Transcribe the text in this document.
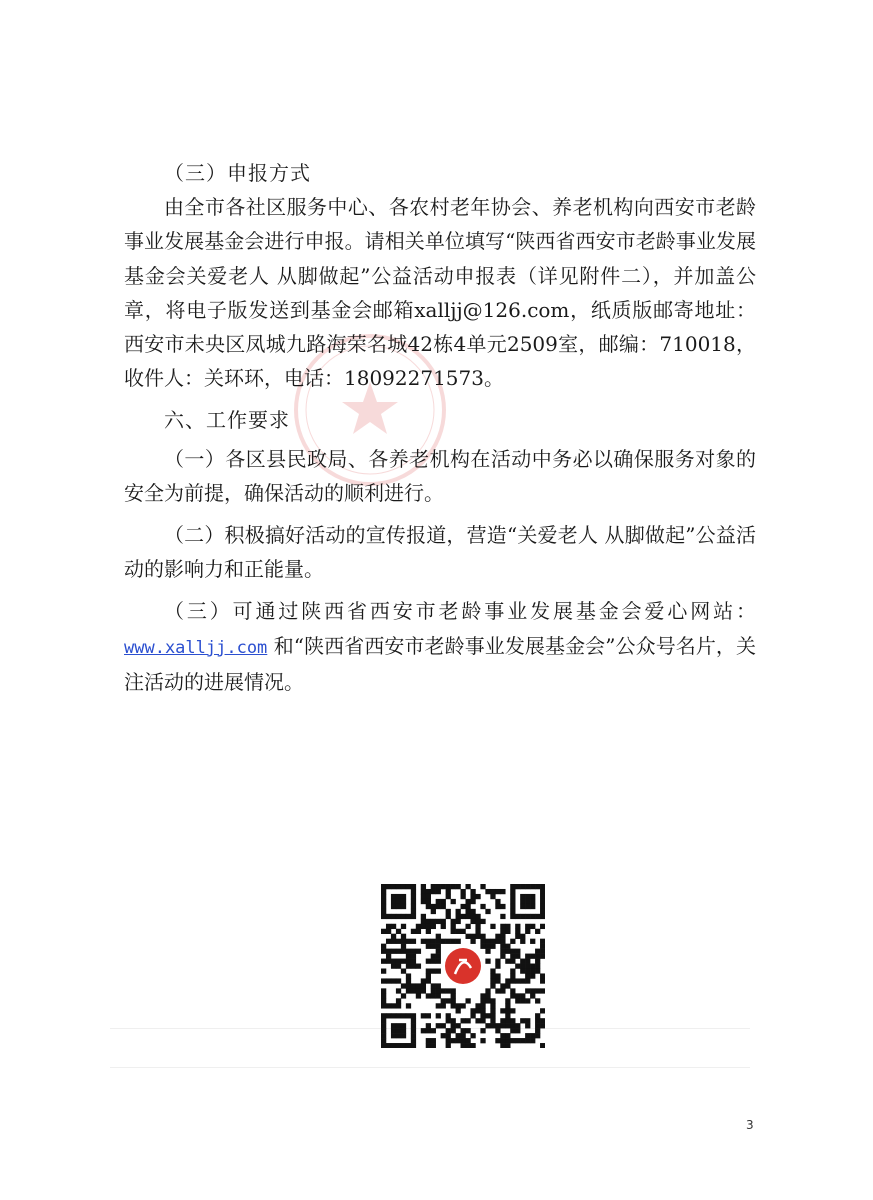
（三）申报方式

由全市各社区服务中心、各农村老年协会、养老机构向西安市老龄事业发展基金会进行申报。请相关单位填写“陕西省西安市老龄事业发展基金会关爱老人 从脚做起”公益活动申报表（详见附件二），并加盖公章，将电子版发送到基金会邮箱xalljj@126.com，纸质版邮寄地址：西安市未央区凤城九路海荣名城42栋4单元2509室，邮编：710018，收件人：关环环，电话：18092271573。

六、工作要求

（一）各区县民政局、各养老机构在活动中务必以确保服务对象的安全为前提，确保活动的顺利进行。

（二）积极搞好活动的宣传报道，营造“关爱老人 从脚做起”公益活动的影响力和正能量。

（三）可通过陕西省西安市老龄事业发展基金会爱心网站：www.xalljj.com 和“陕西省西安市老龄事业发展基金会”公众号名片，关注活动的进展情况。

3
